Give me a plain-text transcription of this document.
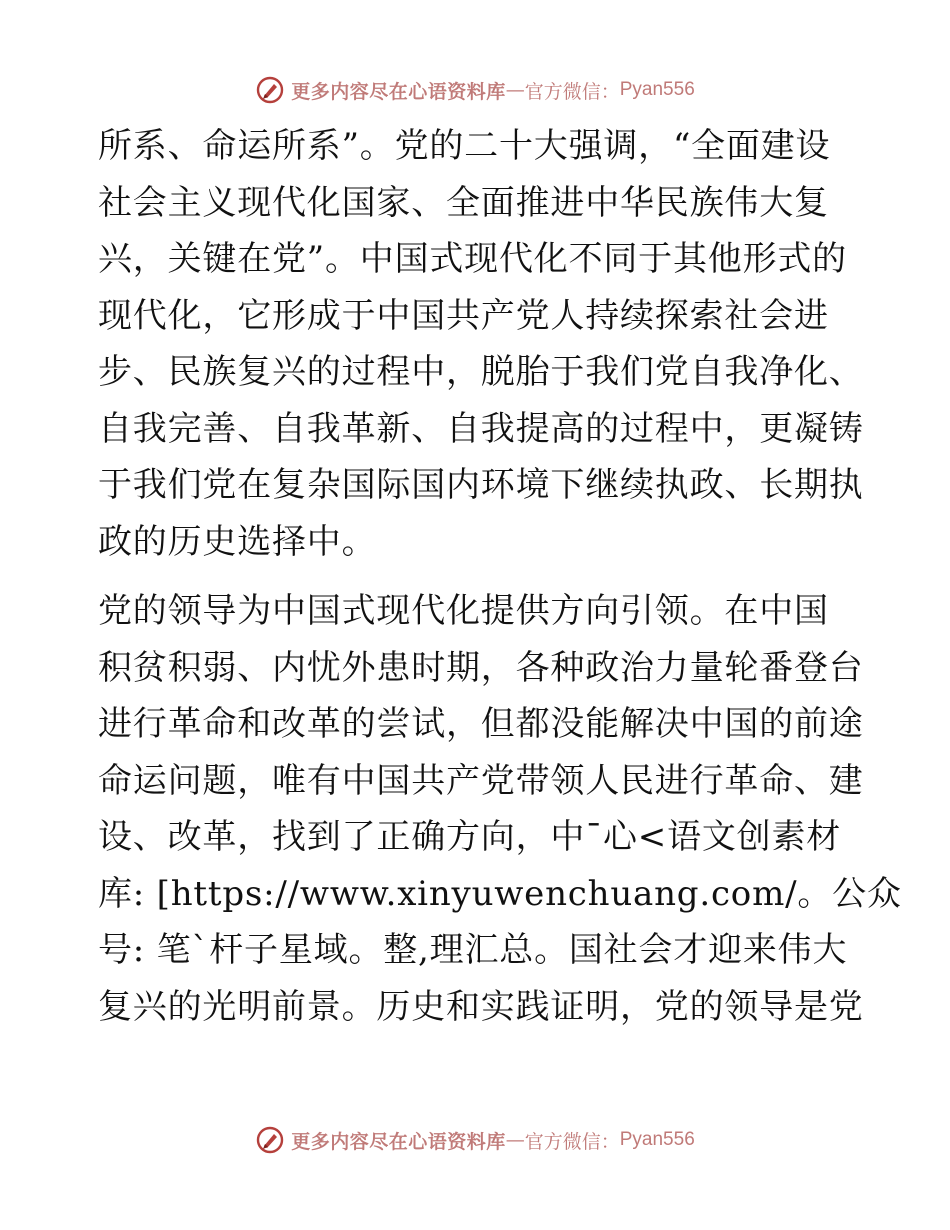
更多内容尽在心语资料库 — 官方微信： Pyan556
所系、命运所系”。党的二十大强调，“全面建设
社会主义现代化国家、全面推进中华民族伟大复
兴，关键在党”。中国式现代化不同于其他形式的
现代化，它形成于中国共产党人持续探索社会进
步、民族复兴的过程中，脱胎于我们党自我净化、
自我完善、自我革新、自我提高的过程中，更凝铸
于我们党在复杂国际国内环境下继续执政、长期执
政的历史选择中。
党的领导为中国式现代化提供方向引领。在中国
积贫积弱、内忧外患时期，各种政治力量轮番登台
进行革命和改革的尝试，但都没能解决中国的前途
命运问题，唯有中国共产党带领人民进行革命、建
设、改革，找到了正确方向，中¯心<语文创素材
库: [https://www.xinyuwenchuang.com/。公众
号: 笔`杆子星域。整,理汇总。国社会才迎来伟大
复兴的光明前景。历史和实践证明，党的领导是党
更多内容尽在心语资料库 — 官方微信： Pyan556
